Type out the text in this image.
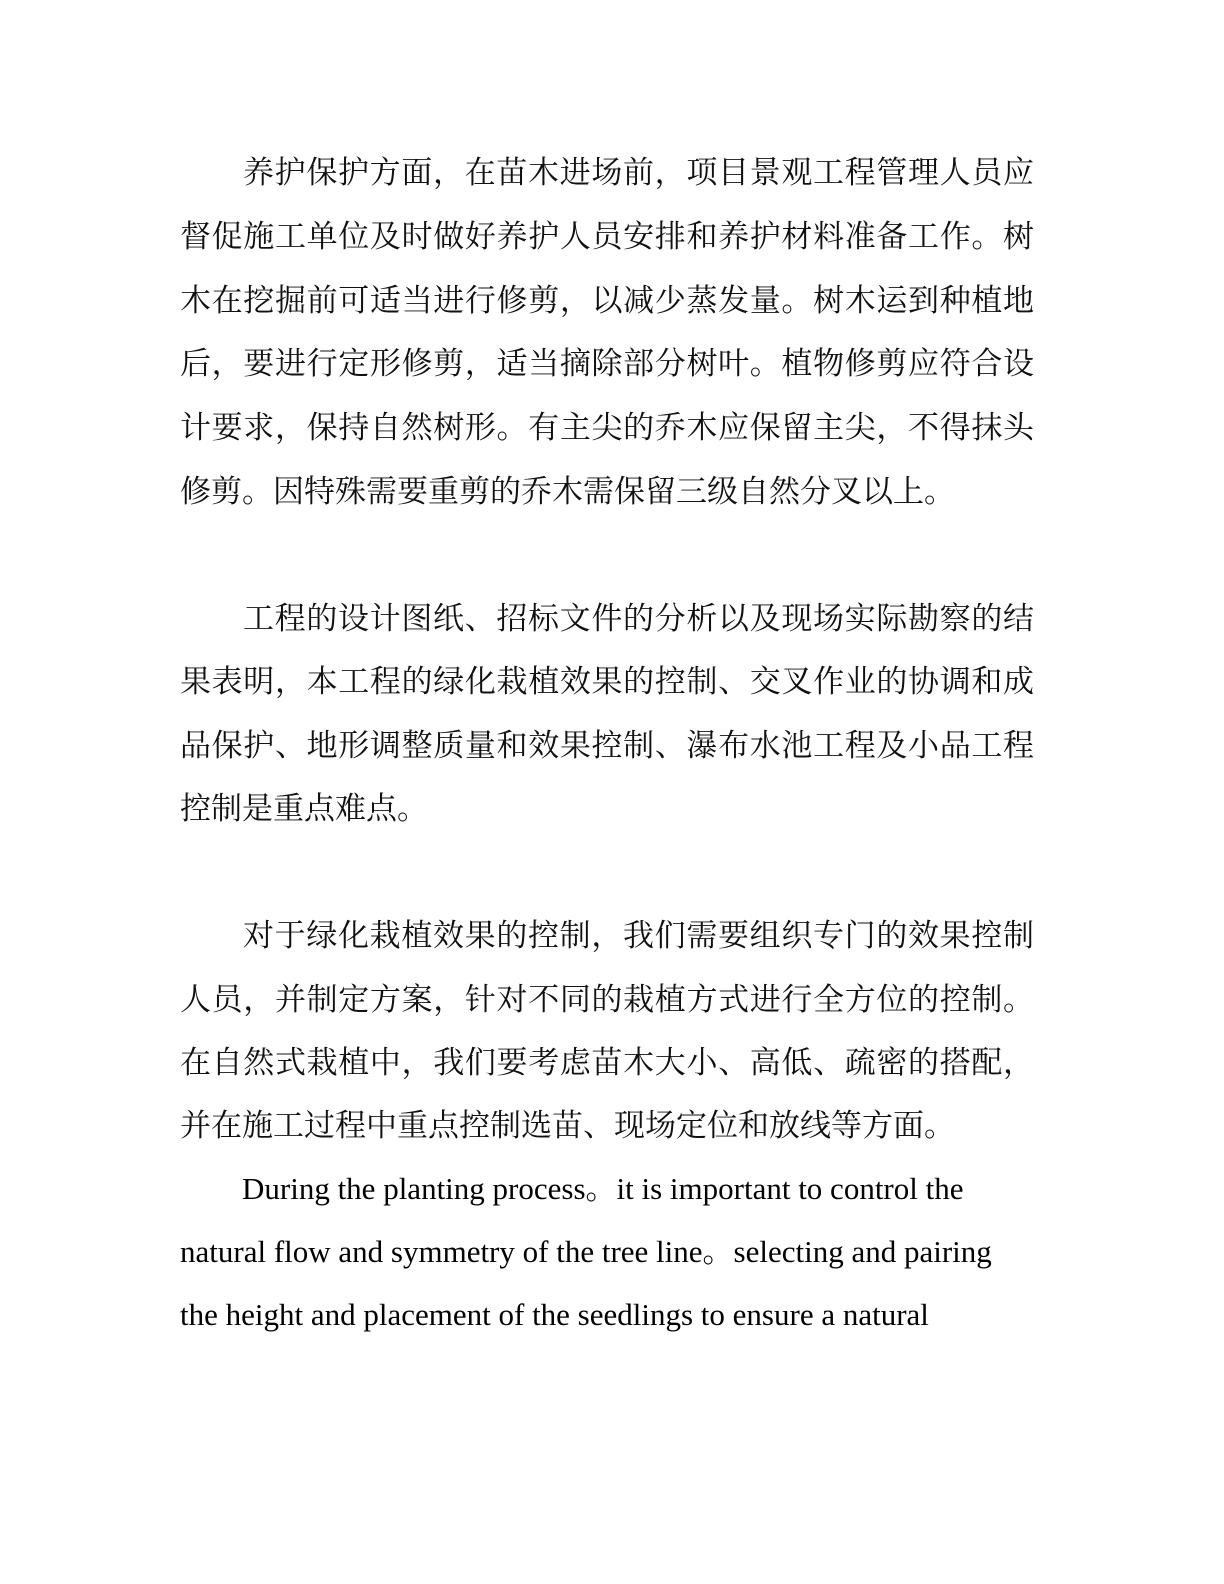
养护保护方面，在苗木进场前，项目景观工程管理人员应
督促施工单位及时做好养护人员安排和养护材料准备工作。树
木在挖掘前可适当进行修剪，以减少蒸发量。树木运到种植地
后，要进行定形修剪，适当摘除部分树叶。植物修剪应符合设
计要求，保持自然树形。有主尖的乔木应保留主尖，不得抹头
修剪。因特殊需要重剪的乔木需保留三级自然分叉以上。
工程的设计图纸、招标文件的分析以及现场实际勘察的结
果表明，本工程的绿化栽植效果的控制、交叉作业的协调和成
品保护、地形调整质量和效果控制、瀑布水池工程及小品工程
控制是重点难点。
对于绿化栽植效果的控制，我们需要组织专门的效果控制
人员，并制定方案，针对不同的栽植方式进行全方位的控制。
在自然式栽植中，我们要考虑苗木大小、高低、疏密的搭配，
并在施工过程中重点控制选苗、现场定位和放线等方面。
During the planting process。it is important to control the
natural flow and symmetry of the tree line。selecting and pairing
the height and placement of the seedlings to ensure a natural
